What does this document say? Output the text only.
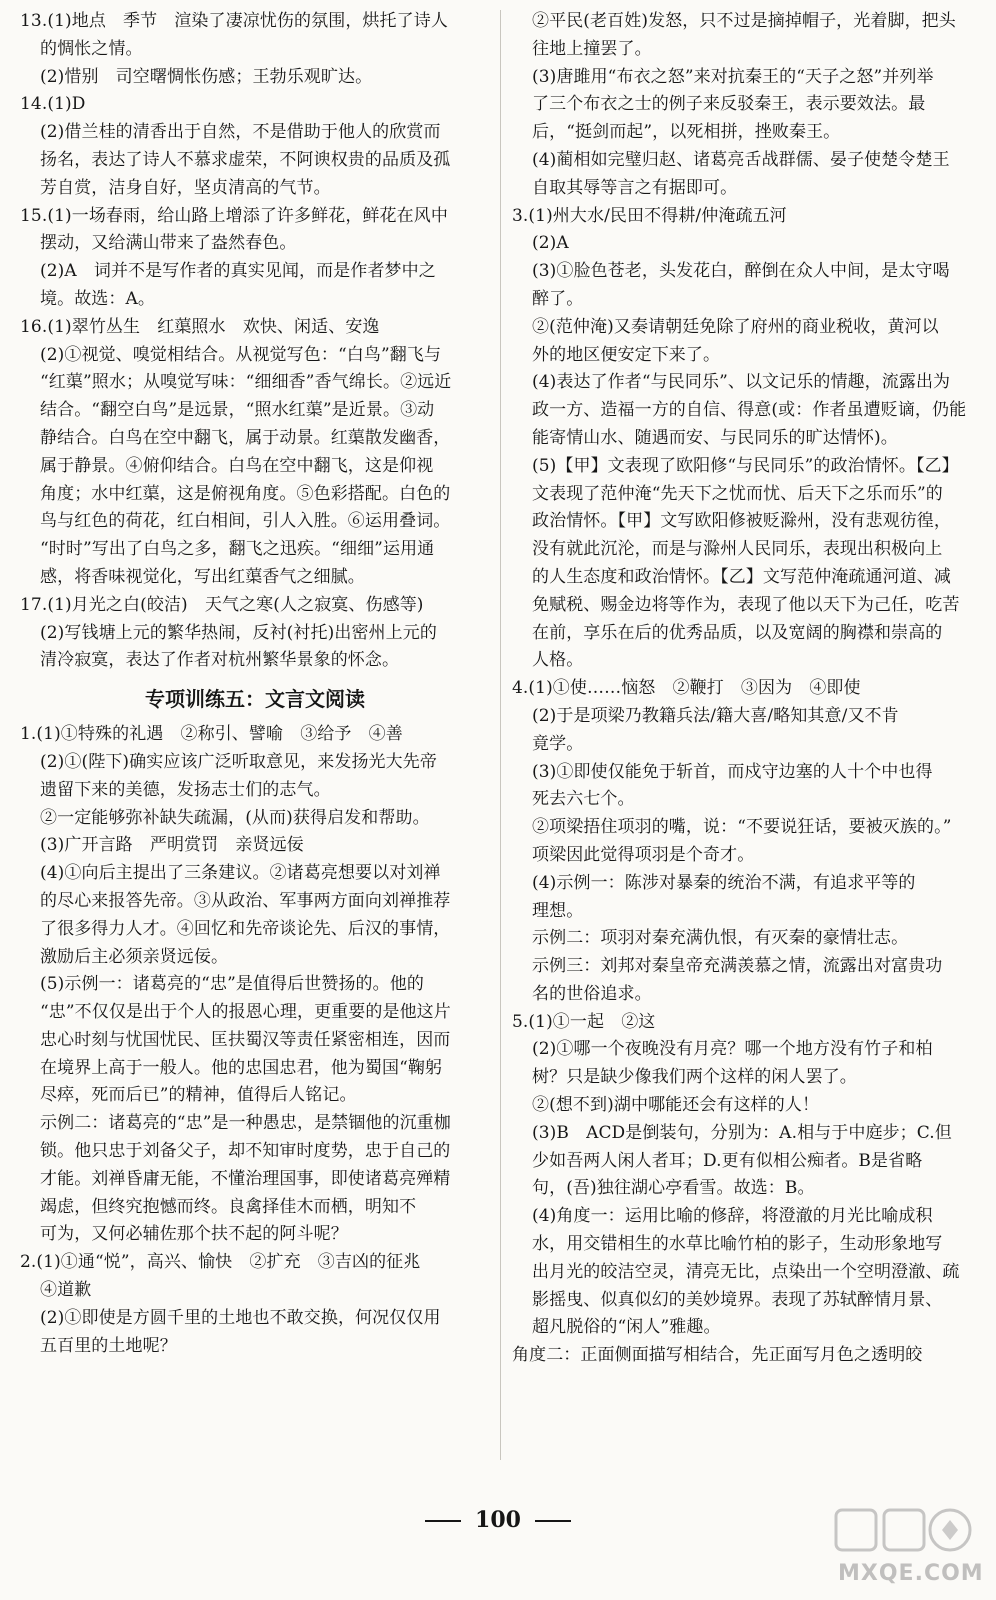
13.(1)地点　季节　渲染了凄凉忧伤的氛围，烘托了诗人
的惆怅之情。
(2)惜别　司空曙惆怅伤感；王勃乐观旷达。
14.(1)D
(2)借兰桂的清香出于自然，不是借助于他人的欣赏而
扬名，表达了诗人不慕求虚荣，不阿谀权贵的品质及孤
芳自赏，洁身自好，坚贞清高的气节。
15.(1)一场春雨，给山路上增添了许多鲜花，鲜花在风中
摆动，又给满山带来了盎然春色。
(2)A　词并不是写作者的真实见闻，而是作者梦中之
境。故选：A。
16.(1)翠竹丛生　红蕖照水　欢快、闲适、安逸
(2)①视觉、嗅觉相结合。从视觉写色：“白鸟”翻飞与
“红蕖”照水；从嗅觉写味：“细细香”香气绵长。②远近
结合。“翻空白鸟”是远景，“照水红蕖”是近景。③动
静结合。白鸟在空中翻飞，属于动景。红蕖散发幽香，
属于静景。④俯仰结合。白鸟在空中翻飞，这是仰视
角度；水中红蕖，这是俯视角度。⑤色彩搭配。白色的
鸟与红色的荷花，红白相间，引人入胜。⑥运用叠词。
“时时”写出了白鸟之多，翻飞之迅疾。“细细”运用通
感，将香味视觉化，写出红蕖香气之细腻。
17.(1)月光之白(皎洁)　天气之寒(人之寂寞、伤感等)
(2)写钱塘上元的繁华热闹，反衬(衬托)出密州上元的
清冷寂寞，表达了作者对杭州繁华景象的怀念。
专项训练五：文言文阅读
1.(1)①特殊的礼遇　②称引、譬喻　③给予　④善
(2)①(陛下)确实应该广泛听取意见，来发扬光大先帝
遗留下来的美德，发扬志士们的志气。
②一定能够弥补缺失疏漏，(从而)获得启发和帮助。
(3)广开言路　严明赏罚　亲贤远佞
(4)①向后主提出了三条建议。②诸葛亮想要以对刘禅
的尽心来报答先帝。③从政治、军事两方面向刘禅推荐
了很多得力人才。④回忆和先帝谈论先、后汉的事情，
激励后主必须亲贤远佞。
(5)示例一：诸葛亮的“忠”是值得后世赞扬的。他的
“忠”不仅仅是出于个人的报恩心理，更重要的是他这片
忠心时刻与忧国忧民、匡扶蜀汉等责任紧密相连，因而
在境界上高于一般人。他的忠国忠君，他为蜀国“鞠躬
尽瘁，死而后已”的精神，值得后人铭记。
示例二：诸葛亮的“忠”是一种愚忠，是禁锢他的沉重枷
锁。他只忠于刘备父子，却不知审时度势，忠于自己的
才能。刘禅昏庸无能，不懂治理国事，即使诸葛亮殚精
竭虑，但终究抱憾而终。良禽择佳木而栖，明知不
可为，又何必辅佐那个扶不起的阿斗呢？
2.(1)①通“悦”，高兴、愉快　②扩充　③吉凶的征兆
④道歉
(2)①即使是方圆千里的土地也不敢交换，何况仅仅用
五百里的土地呢？
②平民(老百姓)发怒，只不过是摘掉帽子，光着脚，把头
往地上撞罢了。
(3)唐雎用“布衣之怒”来对抗秦王的“天子之怒”并列举
了三个布衣之士的例子来反驳秦王，表示要效法。最
后，“挺剑而起”，以死相拼，挫败秦王。
(4)蔺相如完璧归赵、诸葛亮舌战群儒、晏子使楚令楚王
自取其辱等言之有据即可。
3.(1)州大水/民田不得耕/仲淹疏五河
(2)A
(3)①脸色苍老，头发花白，醉倒在众人中间，是太守喝
醉了。
②(范仲淹)又奏请朝廷免除了府州的商业税收，黄河以
外的地区便安定下来了。
(4)表达了作者“与民同乐”、以文记乐的情趣，流露出为
政一方、造福一方的自信、得意(或：作者虽遭贬谪，仍能
能寄情山水、随遇而安、与民同乐的旷达情怀)。
(5)【甲】文表现了欧阳修“与民同乐”的政治情怀。【乙】
文表现了范仲淹“先天下之忧而忧、后天下之乐而乐”的
政治情怀。【甲】文写欧阳修被贬滁州，没有悲观彷徨，
没有就此沉沦，而是与滁州人民同乐，表现出积极向上
的人生态度和政治情怀。【乙】文写范仲淹疏通河道、减
免赋税、赐金边将等作为，表现了他以天下为己任，吃苦
在前，享乐在后的优秀品质，以及宽阔的胸襟和崇高的
人格。
4.(1)①使……恼怒　②鞭打　③因为　④即使
(2)于是项梁乃教籍兵法/籍大喜/略知其意/又不肯
竟学。
(3)①即使仅能免于斩首，而戍守边塞的人十个中也得
死去六七个。
②项梁捂住项羽的嘴，说：“不要说狂话，要被灭族的。”
项梁因此觉得项羽是个奇才。
(4)示例一：陈涉对暴秦的统治不满，有追求平等的
理想。
示例二：项羽对秦充满仇恨，有灭秦的豪情壮志。
示例三：刘邦对秦皇帝充满羡慕之情，流露出对富贵功
名的世俗追求。
5.(1)①一起　②这
(2)①哪一个夜晚没有月亮？哪一个地方没有竹子和柏
树？只是缺少像我们两个这样的闲人罢了。
②(想不到)湖中哪能还会有这样的人！
(3)B　ACD是倒装句，分别为：A.相与于中庭步；C.但
少如吾两人闲人者耳；D.更有似相公痴者。B是省略
句，(吾)独往湖心亭看雪。故选：B。
(4)角度一：运用比喻的修辞，将澄澈的月光比喻成积
水，用交错相生的水草比喻竹柏的影子，生动形象地写
出月光的皎洁空灵，清亮无比，点染出一个空明澄澈、疏
影摇曳、似真似幻的美妙境界。表现了苏轼醉情月景、
超凡脱俗的“闲人”雅趣。
角度二：正面侧面描写相结合，先正面写月色之透明皎
100
MXQE.COM
